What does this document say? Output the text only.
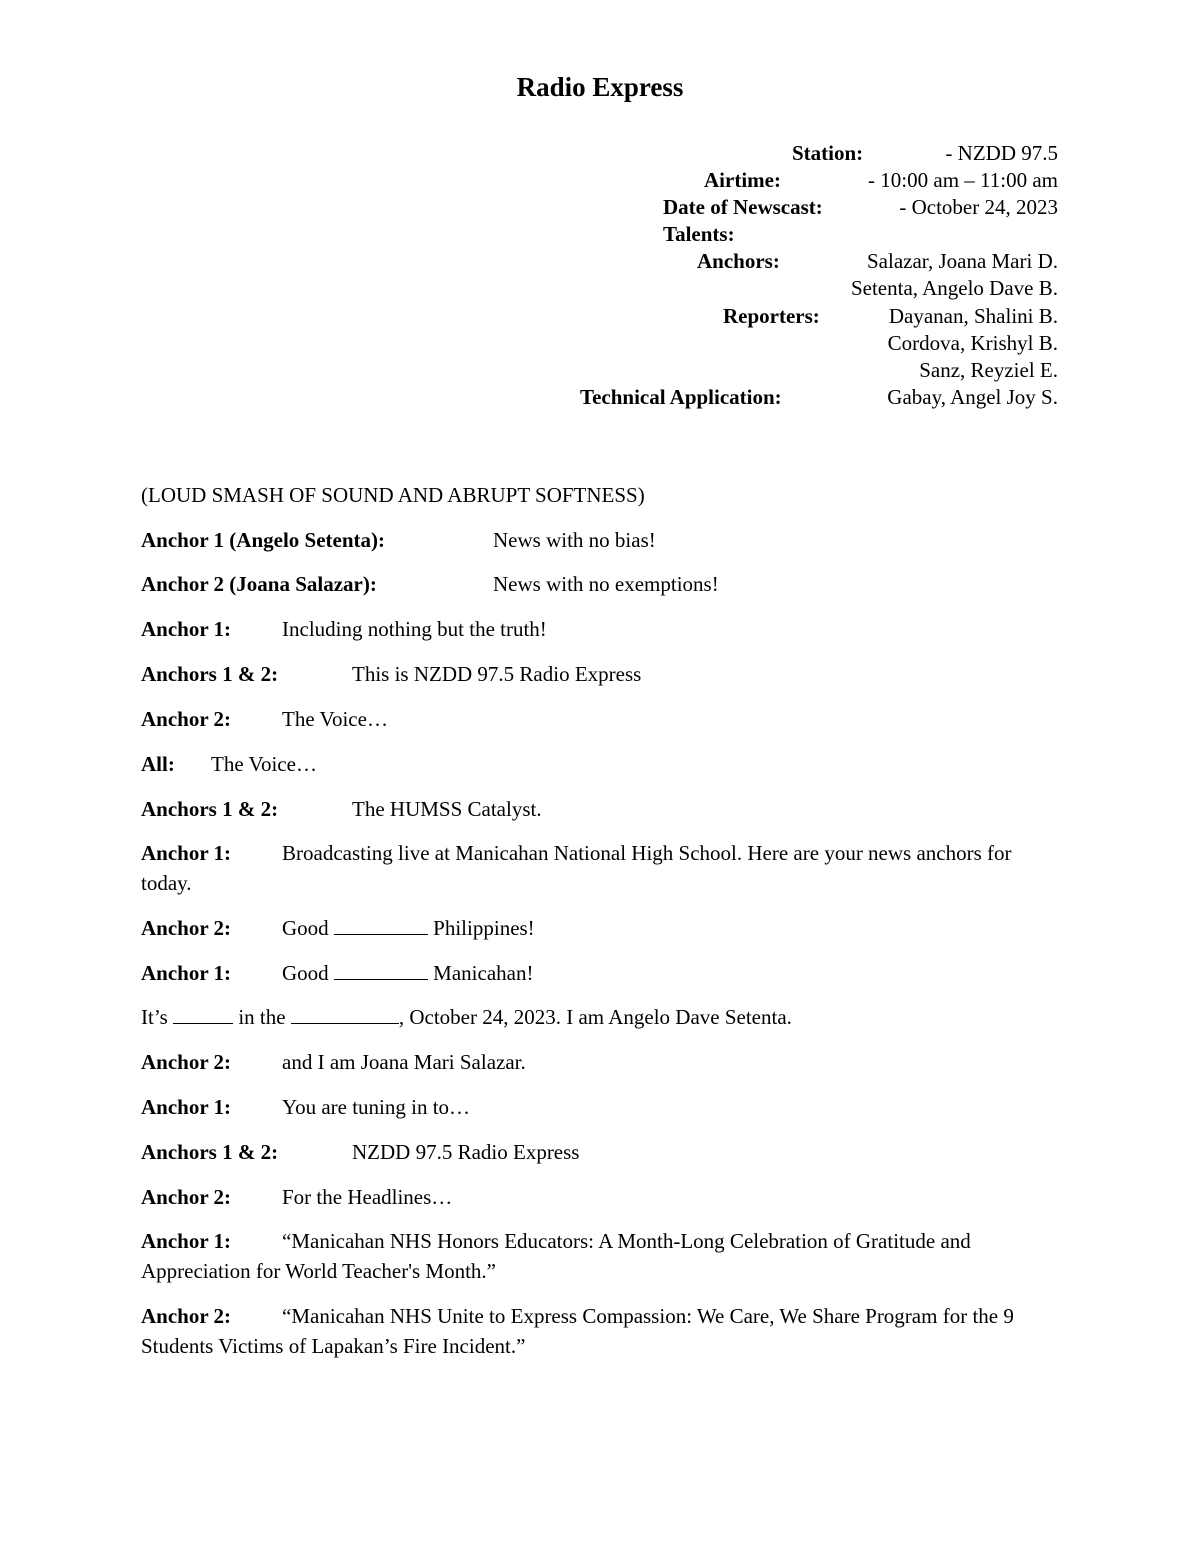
Radio Express
Station:	- NZDD 97.5
Airtime:	- 10:00 am – 11:00 am
Date of Newscast:	- October 24, 2023
Talents:
Anchors:	Salazar, Joana Mari D.
Setenta, Angelo Dave B.
Reporters:	Dayanan, Shalini B.
Cordova, Krishyl B.
Sanz, Reyziel E.
Technical Application:	Gabay, Angel Joy S.
(LOUD SMASH OF SOUND AND ABRUPT SOFTNESS)
Anchor 1 (Angelo Setenta):	News with no bias!
Anchor 2 (Joana Salazar):	News with no exemptions!
Anchor 1: Including nothing but the truth!
Anchors 1 & 2:	This is NZDD 97.5 Radio Express
Anchor 2: The Voice…
All: The Voice…
Anchors 1 & 2:	The HUMSS Catalyst.
Anchor 1: Broadcasting live at Manicahan National High School. Here are your news anchors for today.
Anchor 2: Good	Philippines!
Anchor 1: Good	Manicahan!
It’s	in the	, October 24, 2023. I am Angelo Dave Setenta.
Anchor 2: and I am Joana Mari Salazar.
Anchor 1: You are tuning in to…
Anchors 1 & 2:	NZDD 97.5 Radio Express
Anchor 2: For the Headlines…
Anchor 1: “Manicahan NHS Honors Educators: A Month-Long Celebration of Gratitude and Appreciation for World Teacher's Month.”
Anchor 2: “Manicahan NHS Unite to Express Compassion: We Care, We Share Program for the 9 Students Victims of Lapakan’s Fire Incident.”
